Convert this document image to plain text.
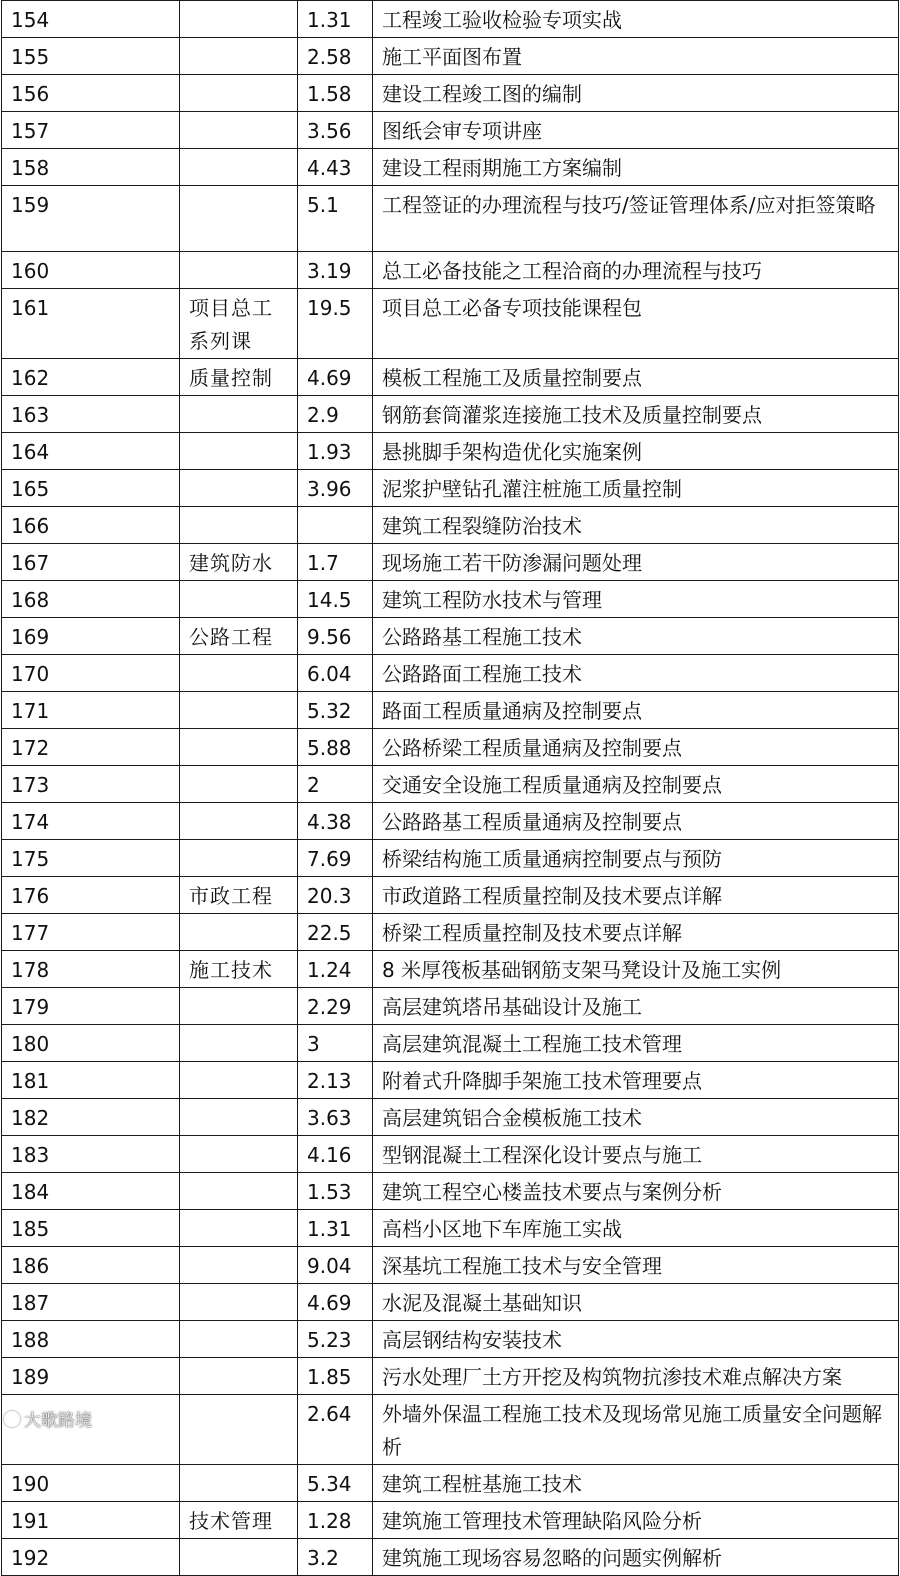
154		1.31	工程竣工验收检验专项实战
155		2.58	施工平面图布置
156		1.58	建设工程竣工图的编制
157		3.56	图纸会审专项讲座
158		4.43	建设工程雨期施工方案编制
159		5.1	工程签证的办理流程与技巧/签证管理体系/应对拒签策略
160		3.19	总工必备技能之工程洽商的办理流程与技巧
161	项目总工系列课	19.5	项目总工必备专项技能课程包
162	质量控制	4.69	模板工程施工及质量控制要点
163		2.9	钢筋套筒灌浆连接施工技术及质量控制要点
164		1.93	悬挑脚手架构造优化实施案例
165		3.96	泥浆护壁钻孔灌注桩施工质量控制
166			建筑工程裂缝防治技术
167	建筑防水	1.7	现场施工若干防渗漏问题处理
168		14.5	建筑工程防水技术与管理
169	公路工程	9.56	公路路基工程施工技术
170		6.04	公路路面工程施工技术
171		5.32	路面工程质量通病及控制要点
172		5.88	公路桥梁工程质量通病及控制要点
173		2	交通安全设施工程质量通病及控制要点
174		4.38	公路路基工程质量通病及控制要点
175		7.69	桥梁结构施工质量通病控制要点与预防
176	市政工程	20.3	市政道路工程质量控制及技术要点详解
177		22.5	桥梁工程质量控制及技术要点详解
178	施工技术	1.24	8 米厚筏板基础钢筋支架马凳设计及施工实例
179		2.29	高层建筑塔吊基础设计及施工
180		3	高层建筑混凝土工程施工技术管理
181		2.13	附着式升降脚手架施工技术管理要点
182		3.63	高层建筑铝合金模板施工技术
183		4.16	型钢混凝土工程深化设计要点与施工
184		1.53	建筑工程空心楼盖技术要点与案例分析
185		1.31	高档小区地下车库施工实战
186		9.04	深基坑工程施工技术与安全管理
187		4.69	水泥及混凝土基础知识
188		5.23	高层钢结构安装技术
189		1.85	污水处理厂土方开挖及构筑物抗渗技术难点解决方案
		2.64	外墙外保温工程施工技术及现场常见施工质量安全问题解析
190		5.34	建筑工程桩基施工技术
191	技术管理	1.28	建筑施工管理技术管理缺陷风险分析
192		3.2	建筑施工现场容易忽略的问题实例解析
大歌路境
